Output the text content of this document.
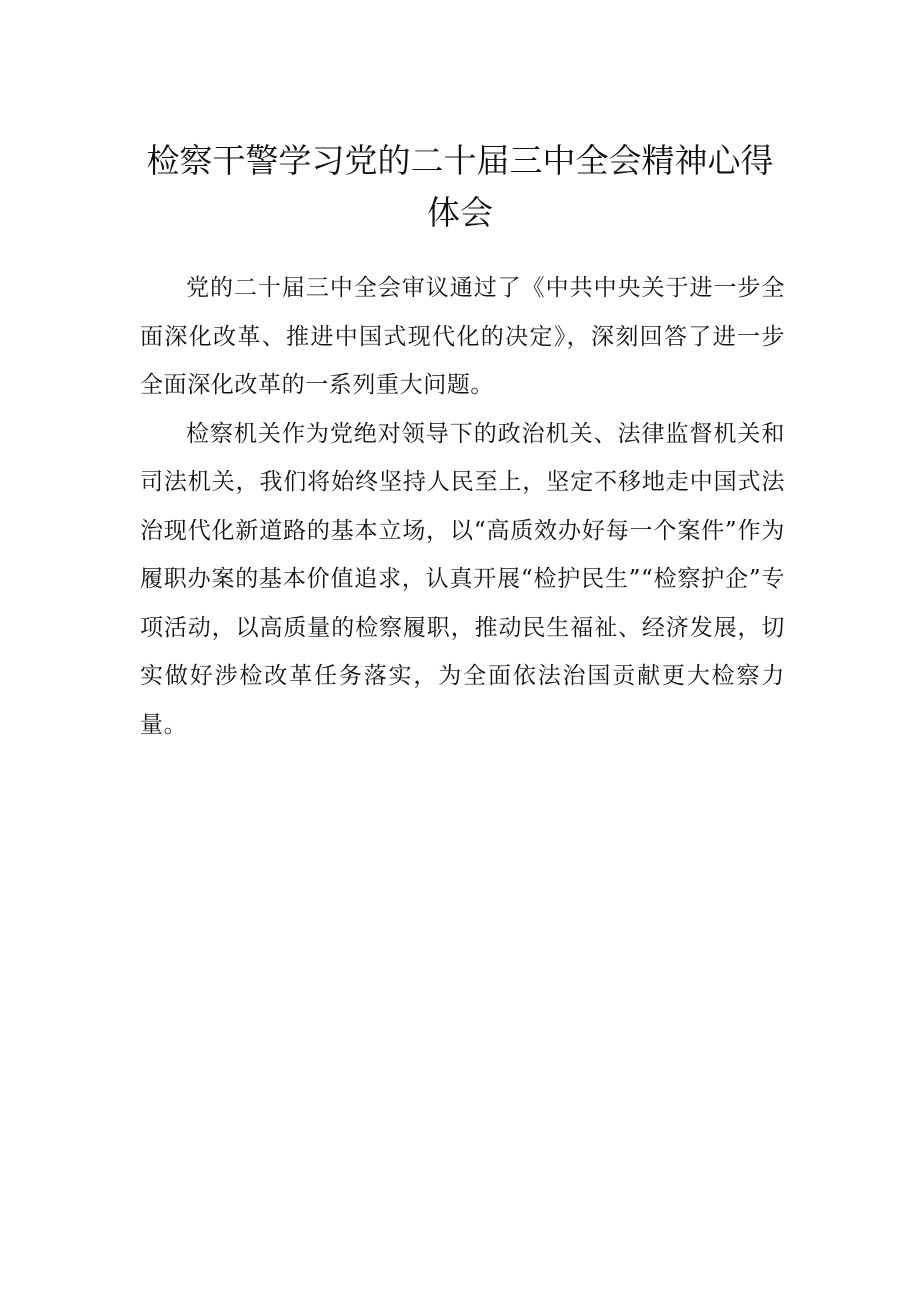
检察干警学习党的二十届三中全会精神心得体会

党的二十届三中全会审议通过了《中共中央关于进一步全面深化改革、推进中国式现代化的决定》，深刻回答了进一步全面深化改革的一系列重大问题。

检察机关作为党绝对领导下的政治机关、法律监督机关和司法机关，我们将始终坚持人民至上，坚定不移地走中国式法治现代化新道路的基本立场，以“高质效办好每一个案件”作为履职办案的基本价值追求，认真开展“检护民生”“检察护企”专项活动，以高质量的检察履职，推动民生福祉、经济发展，切实做好涉检改革任务落实，为全面依法治国贡献更大检察力量。
